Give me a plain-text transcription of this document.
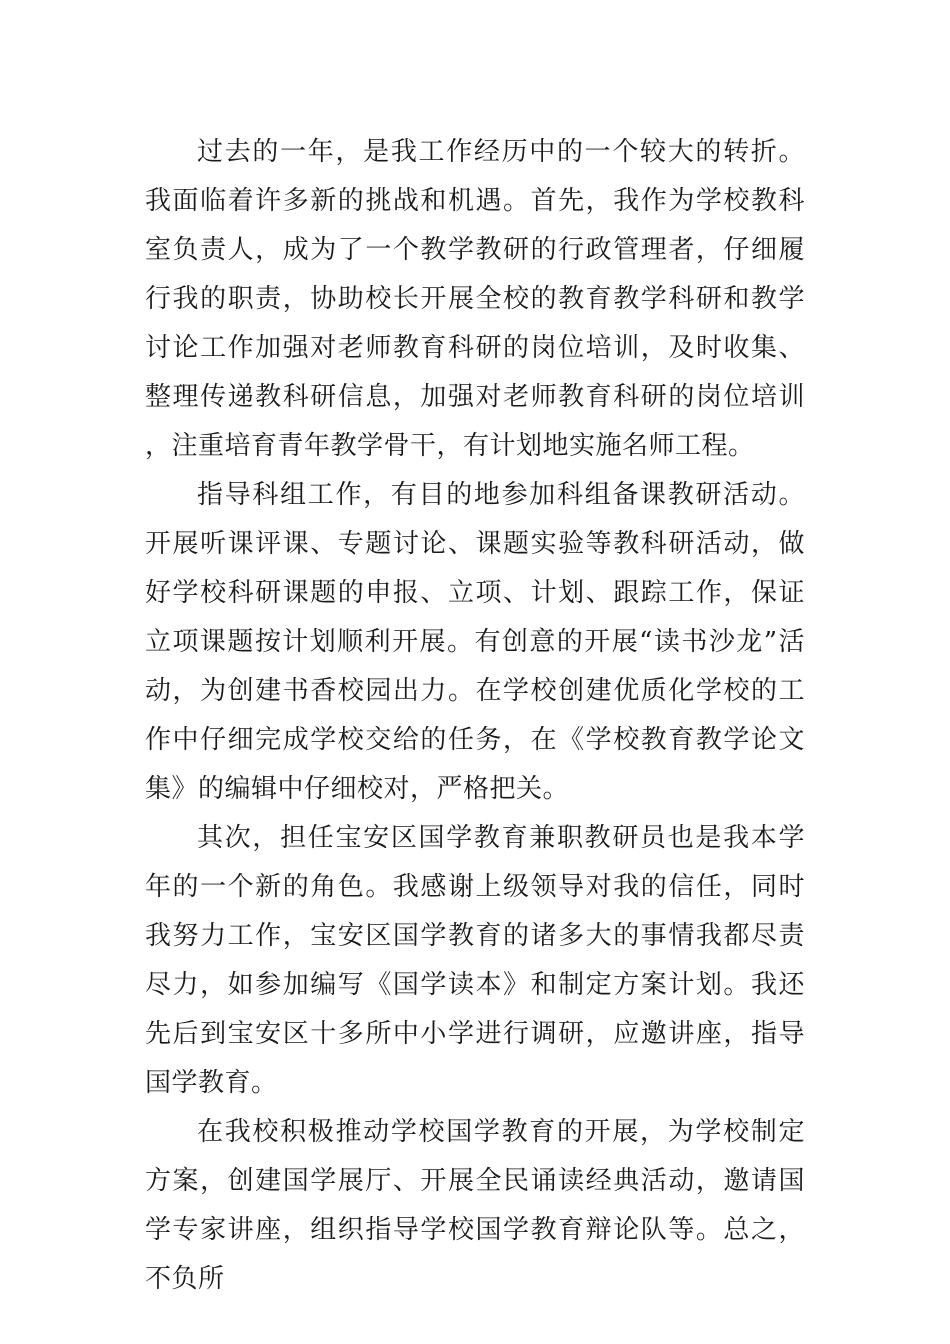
过去的一年，是我工作经历中的一个较大的转折。我面临着许多新的挑战和机遇。首先，我作为学校教科室负责人，成为了一个教学教研的行政管理者，仔细履行我的职责，协助校长开展全校的教育教学科研和教学讨论工作加强对老师教育科研的岗位培训，及时收集、整理传递教科研信息，加强对老师教育科研的岗位培训，注重培育青年教学骨干，有计划地实施名师工程。

指导科组工作，有目的地参加科组备课教研活动。开展听课评课、专题讨论、课题实验等教科研活动，做好学校科研课题的申报、立项、计划、跟踪工作，保证立项课题按计划顺利开展。有创意的开展“读书沙龙”活动，为创建书香校园出力。在学校创建优质化学校的工作中仔细完成学校交给的任务，在《学校教育教学论文集》的编辑中仔细校对，严格把关。

其次，担任宝安区国学教育兼职教研员也是我本学年的一个新的角色。我感谢上级领导对我的信任，同时我努力工作，宝安区国学教育的诸多大的事情我都尽责尽力，如参加编写《国学读本》和制定方案计划。我还先后到宝安区十多所中小学进行调研，应邀讲座，指导国学教育。

在我校积极推动学校国学教育的开展，为学校制定方案，创建国学展厅、开展全民诵读经典活动，邀请国学专家讲座，组织指导学校国学教育辩论队等。总之，不负所
